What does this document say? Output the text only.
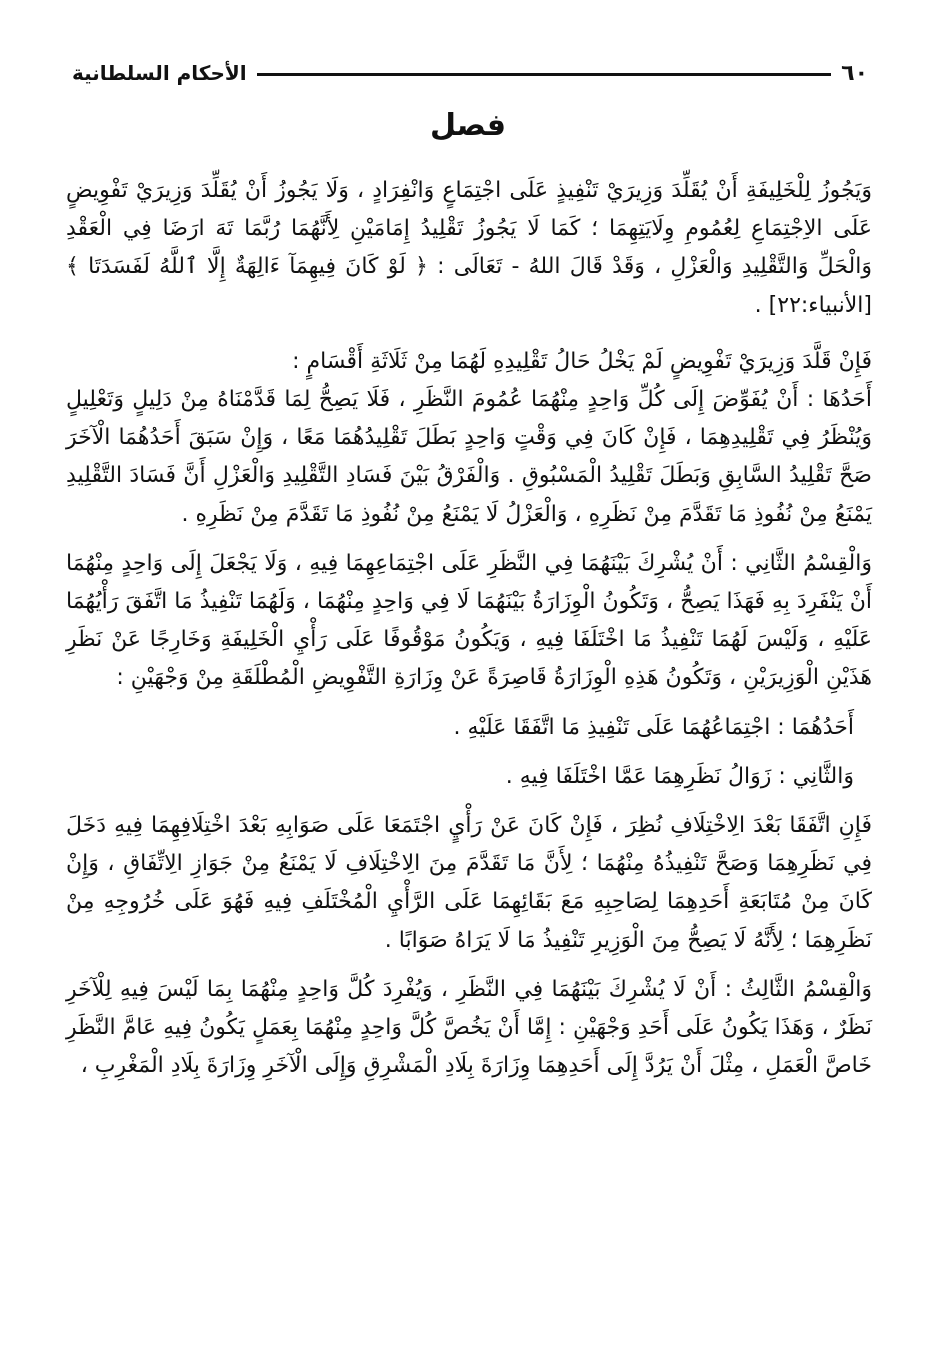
٦٠
الأحكام السلطانية
فصل

وَيَجُوزُ لِلْخَلِيفَةِ أَنْ يُقَلِّدَ وَزِيرَيْ تَنْفِيذٍ عَلَى اجْتِمَاعٍ وَانْفِرَادٍ ، وَلَا يَجُوزُ أَنْ يُقَلِّدَ وَزِيرَيْ تَفْوِيضٍ عَلَى الاِجْتِمَاعِ لِعُمُومِ وِلَايَتِهِمَا ؛ كَمَا لَا يَجُوزُ تَقْلِيدُ إِمَامَيْنِ لِأَنَّهُمَا رُبَّمَا تَهَ ارَضَا فِي الْعَقْدِ وَالْحَلِّ وَالتَّقْلِيدِ وَالْعَزْلِ ، وَقَدْ قَالَ اللهُ - تَعَالَى : ﴿ لَوْ كَانَ فِيهِمَآ ءَالِهَةٌ إِلَّا ٱللَّهُ لَفَسَدَتَا ﴾ [الأنبياء:٢٢] .

فَإِنْ قَلَّدَ وَزِيرَيْ تَفْوِيضٍ لَمْ يَخْلُ حَالُ تَقْلِيدِهِ لَهُمَا مِنْ ثَلَاثَةِ أَقْسَامٍ :

أَحَدُهَا : أَنْ يُفَوِّضَ إِلَى كُلِّ وَاحِدٍ مِنْهُمَا عُمُومَ النَّظَرِ ، فَلَا يَصِحُّ لِمَا قَدَّمْنَاهُ مِنْ دَلِيلٍ وَتَعْلِيلٍ وَيُنْظَرُ فِي تَقْلِيدِهِمَا ، فَإِنْ كَانَ فِي وَقْتٍ وَاحِدٍ بَطَلَ تَقْلِيدُهُمَا مَعًا ، وَإِنْ سَبَقَ أَحَدُهُمَا الْآخَرَ صَحَّ تَقْلِيدُ السَّابِقِ وَبَطَلَ تَقْلِيدُ الْمَسْبُوقِ . وَالْفَرْقُ بَيْنَ فَسَادِ التَّقْلِيدِ وَالْعَزْلِ أَنَّ فَسَادَ التَّقْلِيدِ يَمْنَعُ مِنْ نُفُوذِ مَا تَقَدَّمَ مِنْ نَظَرِهِ ، وَالْعَزْلُ لَا يَمْنَعُ مِنْ نُفُوذِ مَا تَقَدَّمَ مِنْ نَظَرِهِ .

وَالْقِسْمُ الثَّانِي : أَنْ يُشْرِكَ بَيْنَهُمَا فِي النَّظَرِ عَلَى اجْتِمَاعِهِمَا فِيهِ ، وَلَا يَجْعَلَ إِلَى وَاحِدٍ مِنْهُمَا أَنْ يَنْفَرِدَ بِهِ فَهَذَا يَصِحُّ ، وَتَكُونُ الْوِزَارَةُ بَيْنَهُمَا لَا فِي وَاحِدٍ مِنْهُمَا ، وَلَهُمَا تَنْفِيذُ مَا اتَّفَقَ رَأْيُهُمَا عَلَيْهِ ، وَلَيْسَ لَهُمَا تَنْفِيذُ مَا اخْتَلَفَا فِيهِ ، وَيَكُونُ مَوْقُوفًا عَلَى رَأْيِ الْخَلِيفَةِ وَخَارِجًا عَنْ نَظَرِ هَذَيْنِ الْوَزِيرَيْنِ ، وَتَكُونُ هَذِهِ الْوِزَارَةُ قَاصِرَةً عَنْ وِزَارَةِ التَّفْوِيضِ الْمُطْلَقَةِ مِنْ وَجْهَيْنِ :

أَحَدُهُمَا : اجْتِمَاعُهُمَا عَلَى تَنْفِيذِ مَا اتَّفَقَا عَلَيْهِ .

وَالثَّانِي : زَوَالُ نَظَرِهِمَا عَمَّا اخْتَلَفَا فِيهِ .

فَإِنِ اتَّفَقَا بَعْدَ الِاخْتِلَافِ نُظِرَ ، فَإِنْ كَانَ عَنْ رَأْيٍ اجْتَمَعَا عَلَى صَوَابِهِ بَعْدَ اخْتِلَافِهِمَا فِيهِ دَخَلَ فِي نَظَرِهِمَا وَصَحَّ تَنْفِيذُهُ مِنْهُمَا ؛ لِأَنَّ مَا تَقَدَّمَ مِنَ الِاخْتِلَافِ لَا يَمْنَعُ مِنْ جَوَازِ الِاتِّفَاقِ ، وَإِنْ كَانَ مِنْ مُتَابَعَةِ أَحَدِهِمَا لِصَاحِبِهِ مَعَ بَقَائِهِمَا عَلَى الرَّأْيِ الْمُخْتَلَفِ فِيهِ فَهُوَ عَلَى خُرُوجِهِ مِنْ نَظَرِهِمَا ؛ لِأَنَّهُ لَا يَصِحُّ مِنَ الْوَزِيرِ تَنْفِيذُ مَا لَا يَرَاهُ صَوَابًا .

وَالْقِسْمُ الثَّالِثُ : أَنْ لَا يُشْرِكَ بَيْنَهُمَا فِي النَّظَرِ ، وَيُفْرِدَ كُلَّ وَاحِدٍ مِنْهُمَا بِمَا لَيْسَ فِيهِ لِلْآخَرِ نَظَرٌ ، وَهَذَا يَكُونُ عَلَى أَحَدِ وَجْهَيْنِ : إِمَّا أَنْ يَخُصَّ كُلَّ وَاحِدٍ مِنْهُمَا بِعَمَلٍ يَكُونُ فِيهِ عَامَّ النَّظَرِ خَاصَّ الْعَمَلِ ، مِثْلَ أَنْ يَرُدَّ إِلَى أَحَدِهِمَا وِزَارَةَ بِلَادِ الْمَشْرِقِ وَإِلَى الْآخَرِ وِزَارَةَ بِلَادِ الْمَغْرِبِ ،
